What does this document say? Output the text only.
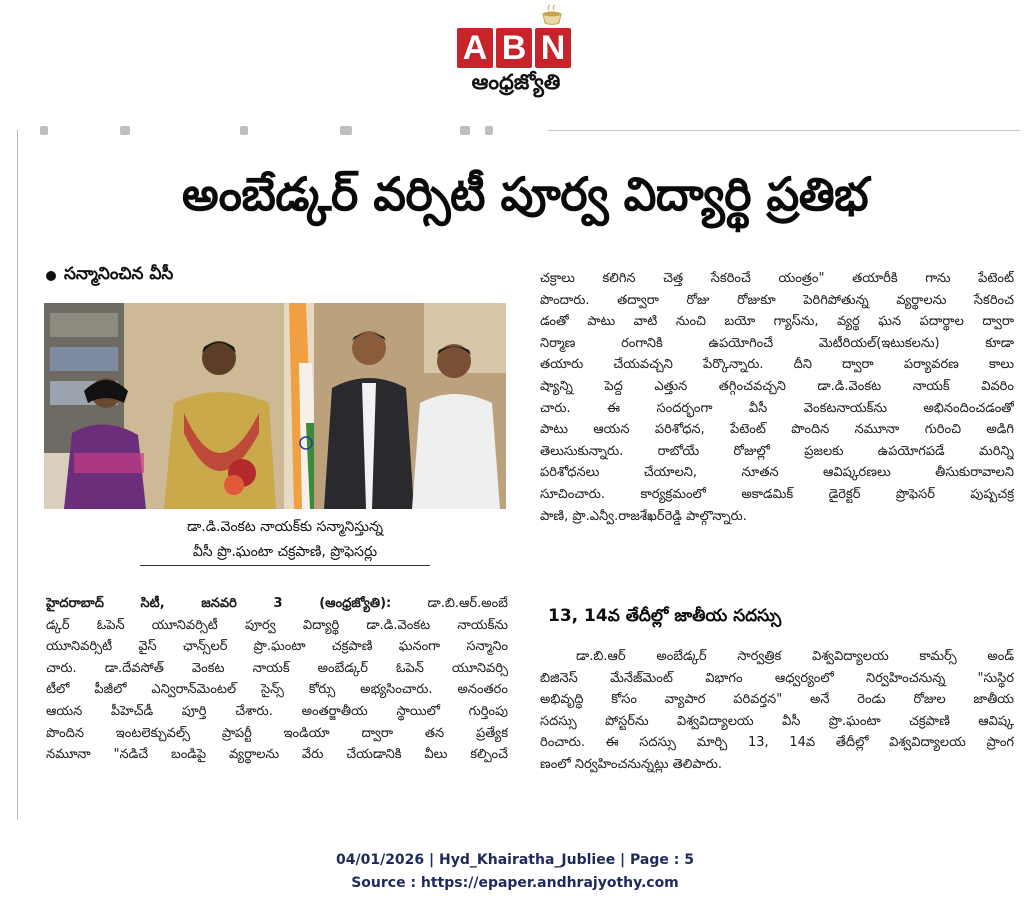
A B N
ఆంధ్రజ్యోతి
అంబేడ్కర్ వర్సిటీ పూర్వ విద్యార్థి ప్రతిభ
సన్మానించిన వీసీ
డా.డి.వెంకట నాయక్‌కు సన్మానిస్తున్న
వీసీ ప్రొ.ఘంటా చక్రపాణి, ప్రొఫెసర్లు

హైదరాబాద్ సిటీ, జనవరి 3 (ఆంధ్రజ్యోతి):	డా.బి.ఆర్.అంబే

డ్కర్ ఓపెన్ యూనివర్సిటీ పూర్వ విద్యార్థి డా.డి.వెంకట నాయక్‌ను

యూనివర్సిటీ వైస్ ఛాన్స్‌లర్ ప్రొ.ఘంటా చక్రపాణి ఘనంగా సన్మానిం

చారు. డా.దేవసోత్ వెంకట నాయక్ అంబేడ్కర్ ఓపెన్ యూనివర్సి

టీలో పీజీలో ఎన్విరాన్‌మెంటల్ సైన్స్ కోర్సు అభ్యసించారు. అనంతరం

ఆయన పీహెచ్‌డీ పూర్తి చేశారు. అంతర్జాతీయ స్థాయిలో గుర్తింపు

పొందిన ఇంటలెక్చువల్స్ ప్రాపర్టీ ఇండియా ద్వారా తన ప్రత్యేక

నమూనా "నడిచే బండిపై వ్యర్థాలను వేరు చేయడానికి వీలు కల్పించే

చక్రాలు కలిగిన చెత్త సేకరించే యంత్రం" తయారీకి గాను పేటెంట్

పొందారు. తద్వారా రోజు రోజుకూ పెరిగిపోతున్న వ్యర్థాలను సేకరించ

డంతో పాటు వాటి నుంచి బయో గ్యాస్‌ను, వ్యర్థ ఘన పదార్థాల ద్వారా

నిర్మాణ రంగానికి ఉపయోగించే మెటీరియల్(ఇటుకలను) కూడా

తయారు చేయవచ్చని పేర్కొన్నారు. దీని ద్వారా పర్యావరణ కాలు

ష్యాన్ని పెద్ద ఎత్తున తగ్గించవచ్చని డా.డి.వెంకట నాయక్ వివరిం

చారు. ఈ సందర్భంగా వీసీ వెంకటనాయక్‌ను అభినందించడంతో

పాటు ఆయన పరిశోధన, పేటెంట్ పొందిన నమూనా గురించి అడిగి

తెలుసుకున్నారు. రాబోయే రోజుల్లో ప్రజలకు ఉపయోగపడే మరిన్ని

పరిశోధనలు చేయాలని, నూతన ఆవిష్కరణలు తీసుకురావాలని

సూచించారు. కార్యక్రమంలో అకాడమిక్ డైరెక్టర్ ప్రొఫెసర్ పుష్పచక్ర

పాణి, ప్రొ.ఎన్వీ.రాజశేఖర్‌రెడ్డి పాల్గొన్నారు.

13, 14వ తేదీల్లో జాతీయ సదస్సు

డా.బి.ఆర్ అంబేడ్కర్ సార్వత్రిక విశ్వవిద్యాలయ కామర్స్ అండ్

బిజినెస్ మేనేజ్‌మెంట్ విభాగం ఆధ్వర్యంలో నిర్వహించనున్న "సుస్థిర

అభివృద్ధి కోసం వ్యాపార పరివర్తన" అనే రెండు రోజుల జాతీయ

సదస్సు పోస్టర్‌ను విశ్వవిద్యాలయ వీసీ ప్రొ.ఘంటా చక్రపాణి ఆవిష్క

రించారు. ఈ సదస్సు మార్చి 13, 14వ తేదీల్లో విశ్వవిద్యాలయ ప్రాంగ

ణంలో నిర్వహించనున్నట్లు తెలిపారు.

04/01/2026 | Hyd_Khairatha_Jubliee | Page : 5
Source : https://epaper.andhrajyothy.com
